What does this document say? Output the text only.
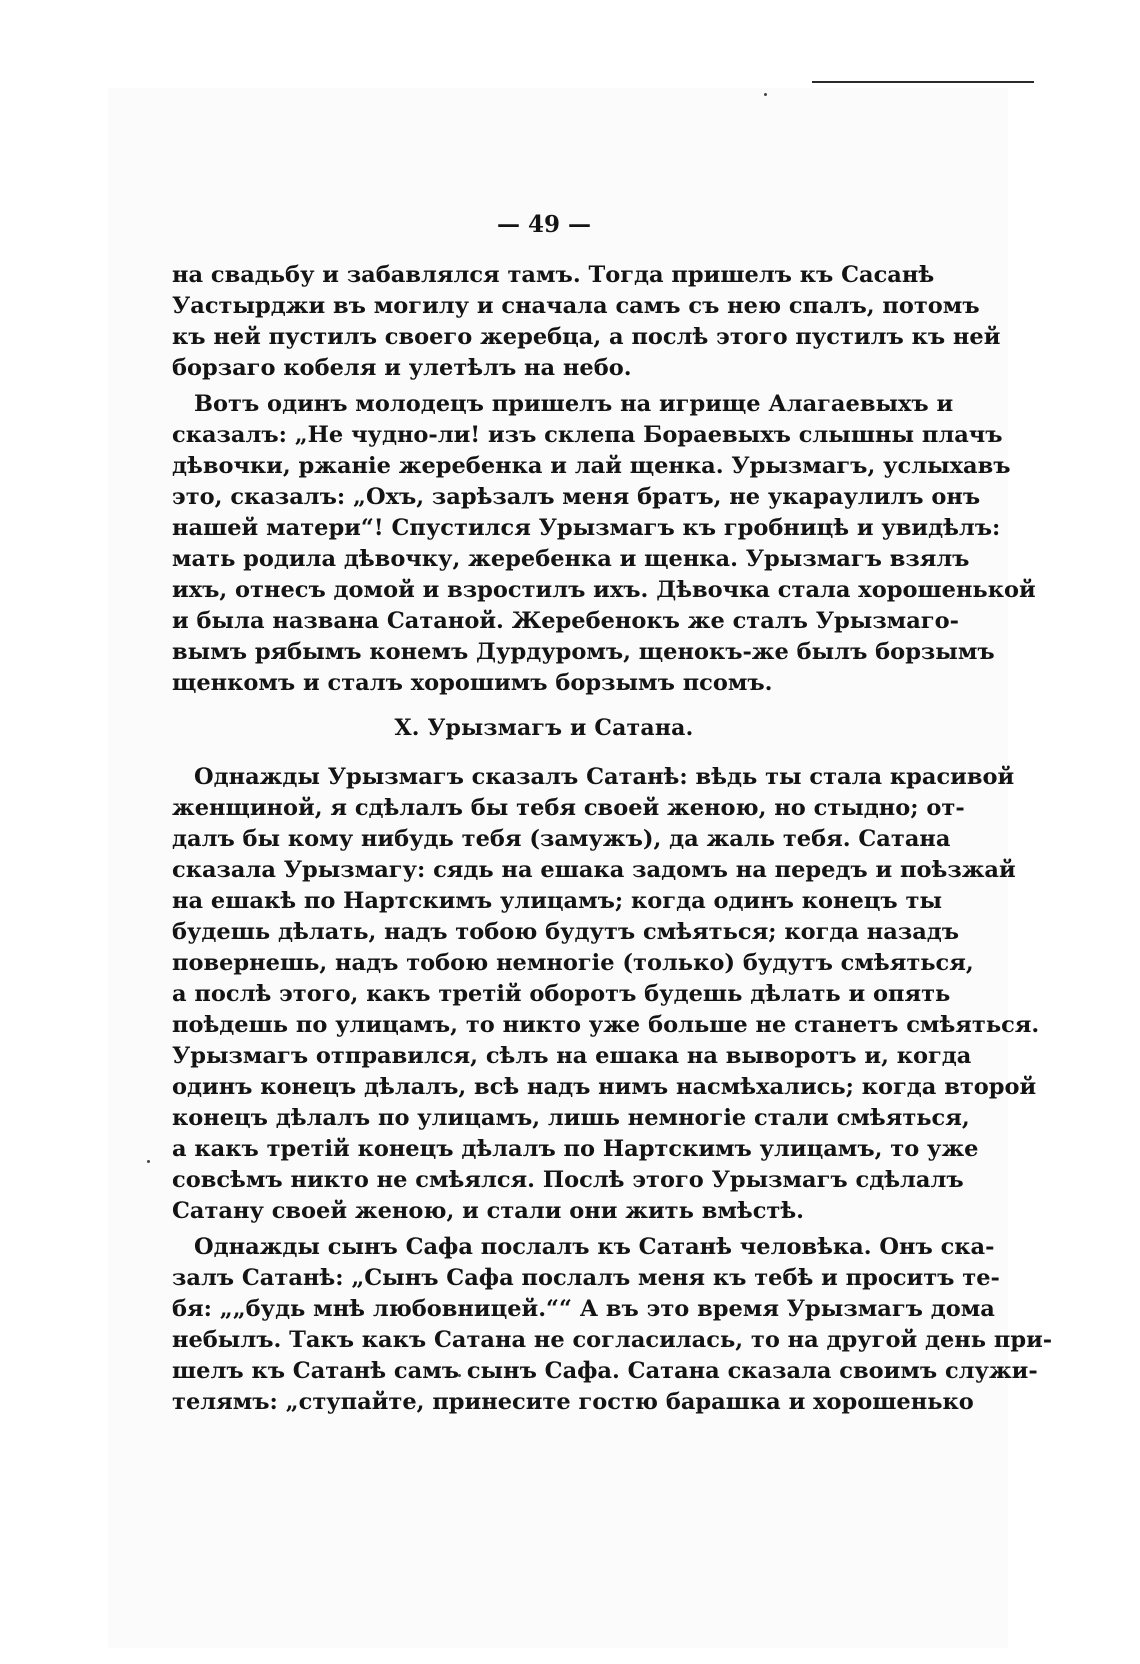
— 49 —
на свадьбу и забавлялся тамъ. Тогда пришелъ къ Сасанѣ
Уастырджи въ могилу и сначала самъ съ нею спалъ, потомъ
къ ней пустилъ своего жеребца, а послѣ этого пустилъ къ ней
борзаго кобеля и улетѣлъ на небо.
Вотъ одинъ молодецъ пришелъ на игрище Алагаевыхъ и
сказалъ: „Не чудно-ли! изъ склепа Бораевыхъ слышны плачъ
дѣвочки, ржаніе жеребенка и лай щенка. Урызмагъ, услыхавъ
это, сказалъ: „Охъ, зарѣзалъ меня братъ, не укараулилъ онъ
нашей матери“! Спустился Урызмагъ къ гробницѣ и увидѣлъ:
мать родила дѣвочку, жеребенка и щенка. Урызмагъ взялъ
ихъ, отнесъ домой и взростилъ ихъ. Дѣвочка стала хорошенькой
и была названа Сатаной. Жеребенокъ же сталъ Урызмаго-
вымъ рябымъ конемъ Дурдуромъ, щенокъ-же былъ борзымъ
щенкомъ и сталъ хорошимъ борзымъ псомъ.
X. Урызмагъ и Сатана.
Однажды Урызмагъ сказалъ Сатанѣ: вѣдь ты стала красивой
женщиной, я сдѣлалъ бы тебя своей женою, но стыдно; от-
далъ бы кому нибудь тебя (замужъ), да жаль тебя. Сатана
сказала Урызмагу: сядь на ешака задомъ на передъ и поѣзжай
на ешакѣ по Нартскимъ улицамъ; когда одинъ конецъ ты
будешь дѣлать, надъ тобою будутъ смѣяться; когда назадъ
повернешь, надъ тобою немногіе (только) будутъ смѣяться,
а послѣ этого, какъ третій оборотъ будешь дѣлать и опять
поѣдешь по улицамъ, то никто уже больше не станетъ смѣяться.
Урызмагъ отправился, сѣлъ на ешака на выворотъ и, когда
одинъ конецъ дѣлалъ, всѣ надъ нимъ насмѣхались; когда второй
конецъ дѣлалъ по улицамъ, лишь немногіе стали смѣяться,
а какъ третій конецъ дѣлалъ по Нартскимъ улицамъ, то уже
совсѣмъ никто не смѣялся. Послѣ этого Урызмагъ сдѣлалъ
Сатану своей женою, и стали они жить вмѣстѣ.
Однажды сынъ Сафа послалъ къ Сатанѣ человѣка. Онъ ска-
залъ Сатанѣ: „Сынъ Сафа послалъ меня къ тебѣ и проситъ те-
бя: „„будь мнѣ любовницей.““ А въ это время Урызмагъ дома
небылъ. Такъ какъ Сатана не согласилась, то на другой день при-
шелъ къ Сатанѣ самъ сынъ Сафа. Сатана сказала своимъ служи-
телямъ: „ступайте, принесите гостю барашка и хорошенько
